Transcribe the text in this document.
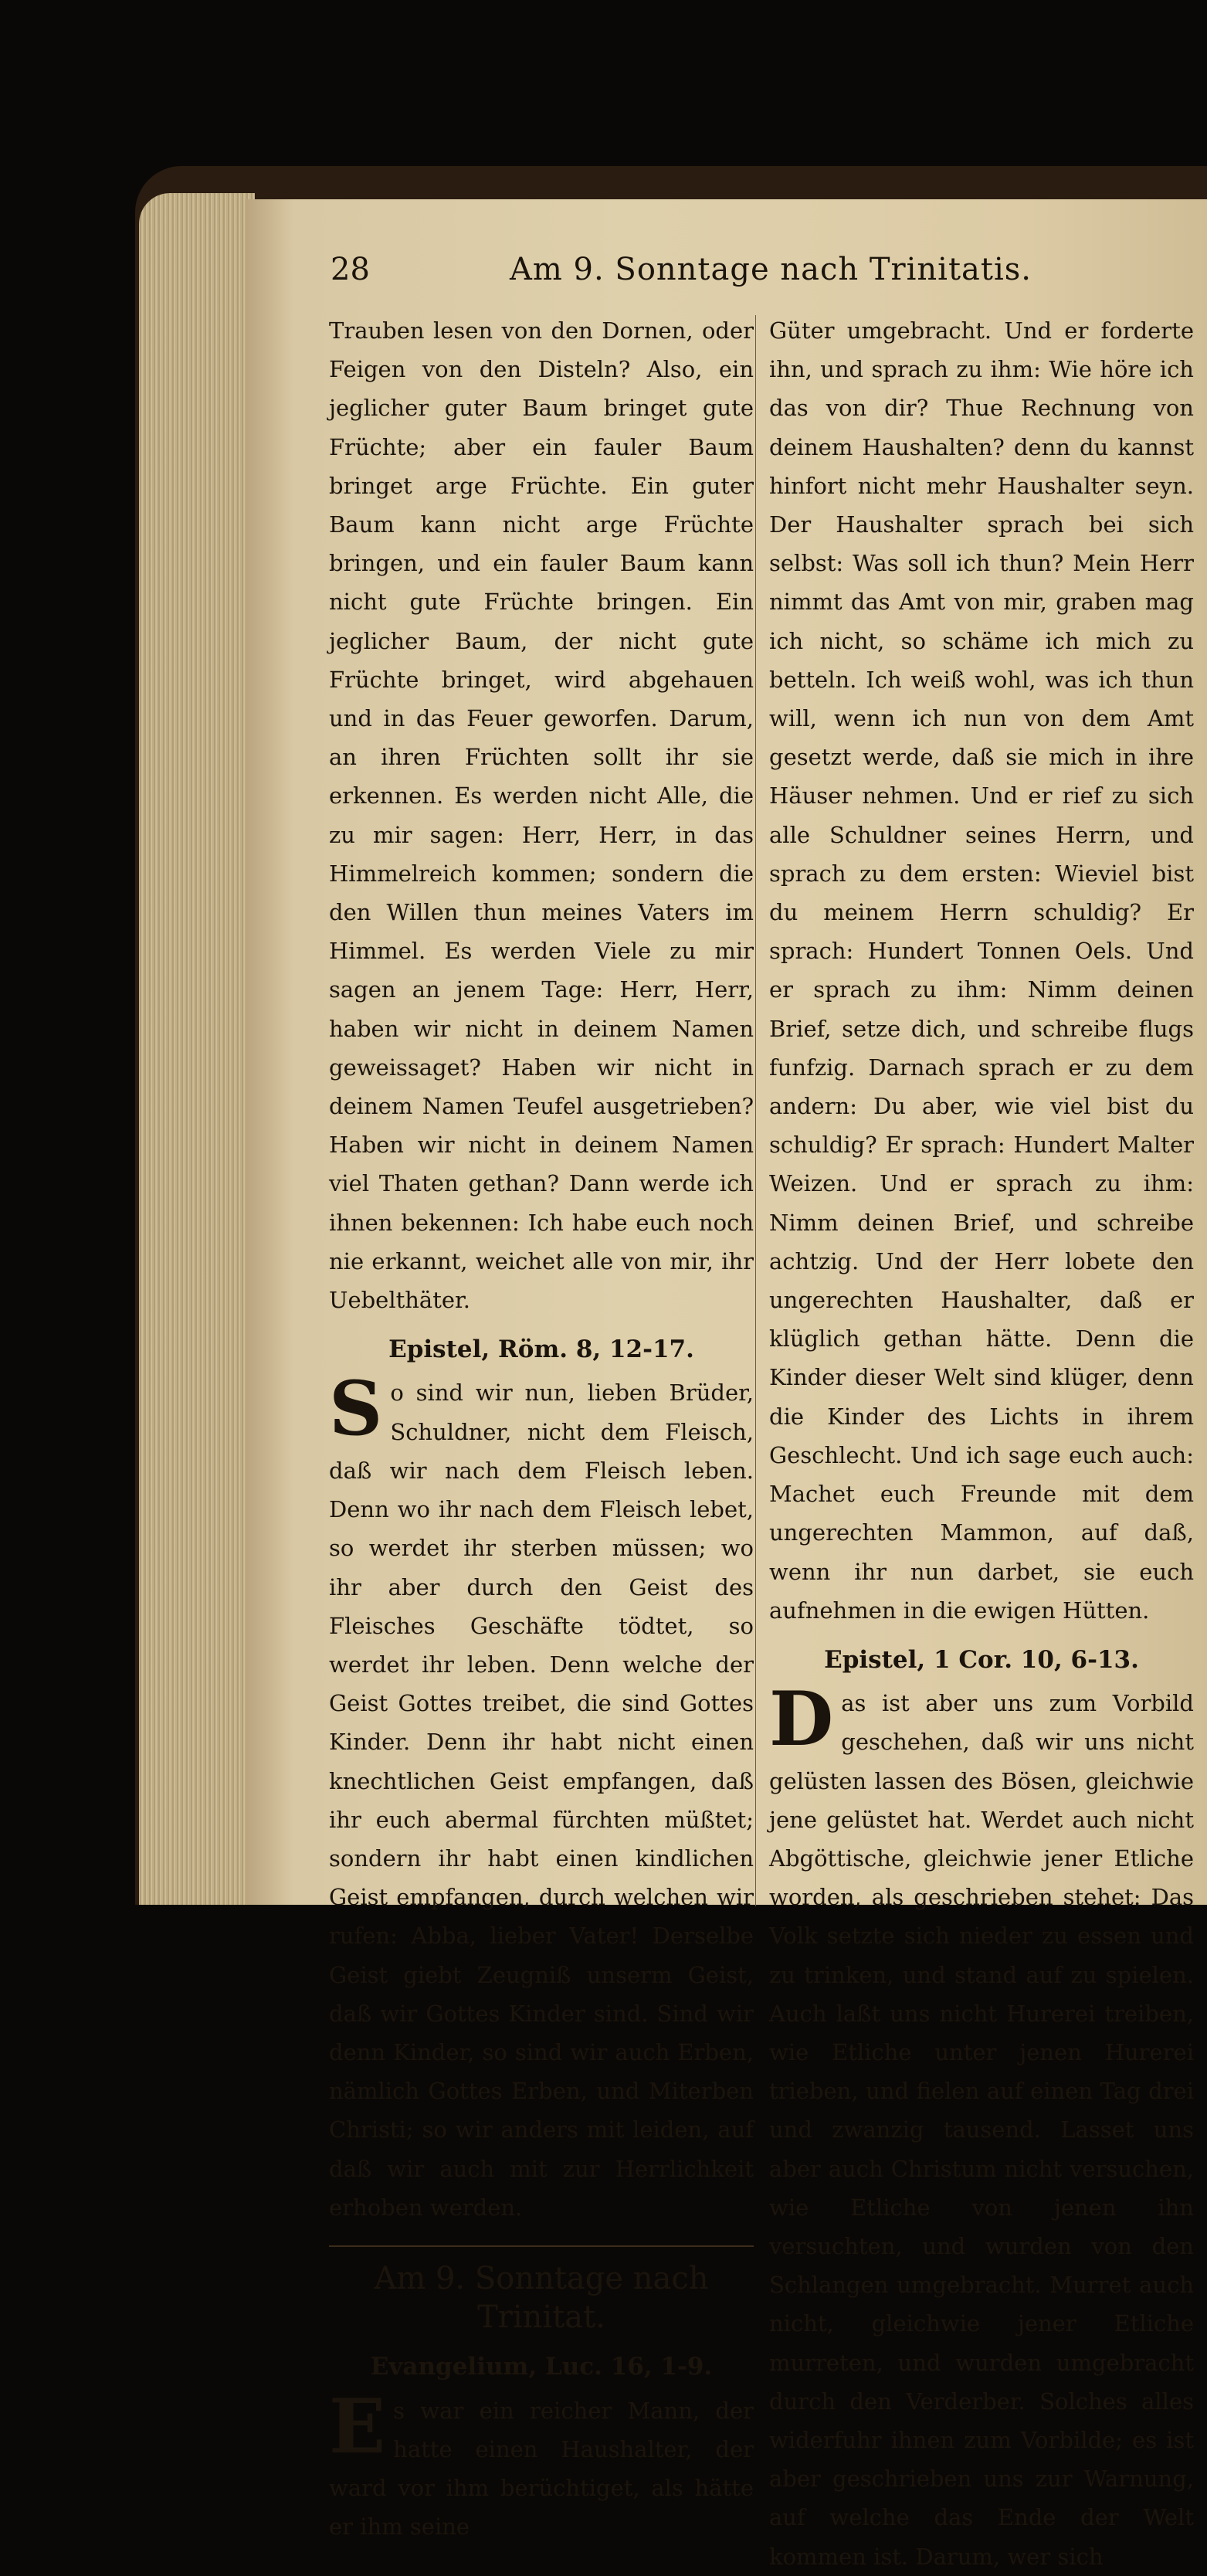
28	Am 9. Sonntage nach Trinitatis.

Trauben lesen von den Dornen, oder Feigen von den Disteln? Also, ein jeglicher guter Baum bringet gute Früchte; aber ein fauler Baum bringet arge Früchte. Ein guter Baum kann nicht arge Früchte bringen, und ein fauler Baum kann nicht gute Früchte bringen. Ein jeglicher Baum, der nicht gute Früchte bringet, wird abgehauen und in das Feuer geworfen. Darum, an ihren Früchten sollt ihr sie erkennen. Es werden nicht Alle, die zu mir sagen: Herr, Herr, in das Himmelreich kommen; sondern die den Willen thun meines Vaters im Himmel. Es werden Viele zu mir sagen an jenem Tage: Herr, Herr, haben wir nicht in deinem Namen geweissaget? Haben wir nicht in deinem Namen Teufel ausgetrieben? Haben wir nicht in deinem Namen viel Thaten gethan? Dann werde ich ihnen bekennen: Ich habe euch noch nie erkannt, weichet alle von mir, ihr Uebelthäter.

Epistel, Röm. 8, 12-17.

So sind wir nun, lieben Brüder, Schuldner, nicht dem Fleisch, daß wir nach dem Fleisch leben. Denn wo ihr nach dem Fleisch lebet, so werdet ihr sterben müssen; wo ihr aber durch den Geist des Fleisches Geschäfte tödtet, so werdet ihr leben. Denn welche der Geist Gottes treibet, die sind Gottes Kinder. Denn ihr habt nicht einen knechtlichen Geist empfangen, daß ihr euch abermal fürchten müßtet; sondern ihr habt einen kindlichen Geist empfangen, durch welchen wir rufen: Abba, lieber Vater! Derselbe Geist giebt Zeugniß unserm Geist, daß wir Gottes Kinder sind. Sind wir denn Kinder, so sind wir auch Erben, nämlich Gottes Erben, und Miterben Christi; so wir anders mit leiden, auf daß wir auch mit zur Herrlichkeit erhoben werden.

Am 9. Sonntage nach Trinitat.
Evangelium, Luc. 16, 1-9.

Es war ein reicher Mann, der hatte einen Haushalter, der ward vor ihm berüchtiget, als hätte er ihm seine

Güter umgebracht. Und er forderte ihn, und sprach zu ihm: Wie höre ich das von dir? Thue Rechnung von deinem Haushalten? denn du kannst hinfort nicht mehr Haushalter seyn. Der Haushalter sprach bei sich selbst: Was soll ich thun? Mein Herr nimmt das Amt von mir, graben mag ich nicht, so schäme ich mich zu betteln. Ich weiß wohl, was ich thun will, wenn ich nun von dem Amt gesetzt werde, daß sie mich in ihre Häuser nehmen. Und er rief zu sich alle Schuldner seines Herrn, und sprach zu dem ersten: Wieviel bist du meinem Herrn schuldig? Er sprach: Hundert Tonnen Oels. Und er sprach zu ihm: Nimm deinen Brief, setze dich, und schreibe flugs funfzig. Darnach sprach er zu dem andern: Du aber, wie viel bist du schuldig? Er sprach: Hundert Malter Weizen. Und er sprach zu ihm: Nimm deinen Brief, und schreibe achtzig. Und der Herr lobete den ungerechten Haushalter, daß er klüglich gethan hätte. Denn die Kinder dieser Welt sind klüger, denn die Kinder des Lichts in ihrem Geschlecht. Und ich sage euch auch: Machet euch Freunde mit dem ungerechten Mammon, auf daß, wenn ihr nun darbet, sie euch aufnehmen in die ewigen Hütten.

Epistel, 1 Cor. 10, 6-13.

Das ist aber uns zum Vorbild geschehen, daß wir uns nicht gelüsten lassen des Bösen, gleichwie jene gelüstet hat. Werdet auch nicht Abgöttische, gleichwie jener Etliche worden, als geschrieben stehet: Das Volk setzte sich nieder zu essen und zu trinken, und stand auf zu spielen. Auch laßt uns nicht Hurerei treiben, wie Etliche unter jenen Hurerei trieben, und fielen auf einen Tag drei und zwanzig tausend. Lasset uns aber auch Christum nicht versuchen, wie Etliche von jenen ihn versuchten, und wurden von den Schlangen umgebracht. Murret auch nicht, gleichwie jener Etliche murreten, und wurden umgebracht durch den Verderber. Solches alles widerfuhr ihnen zum Vorbilde; es ist aber geschrieben uns zur Warnung, auf welche das Ende der Welt kommen ist. Darum, wer sich
